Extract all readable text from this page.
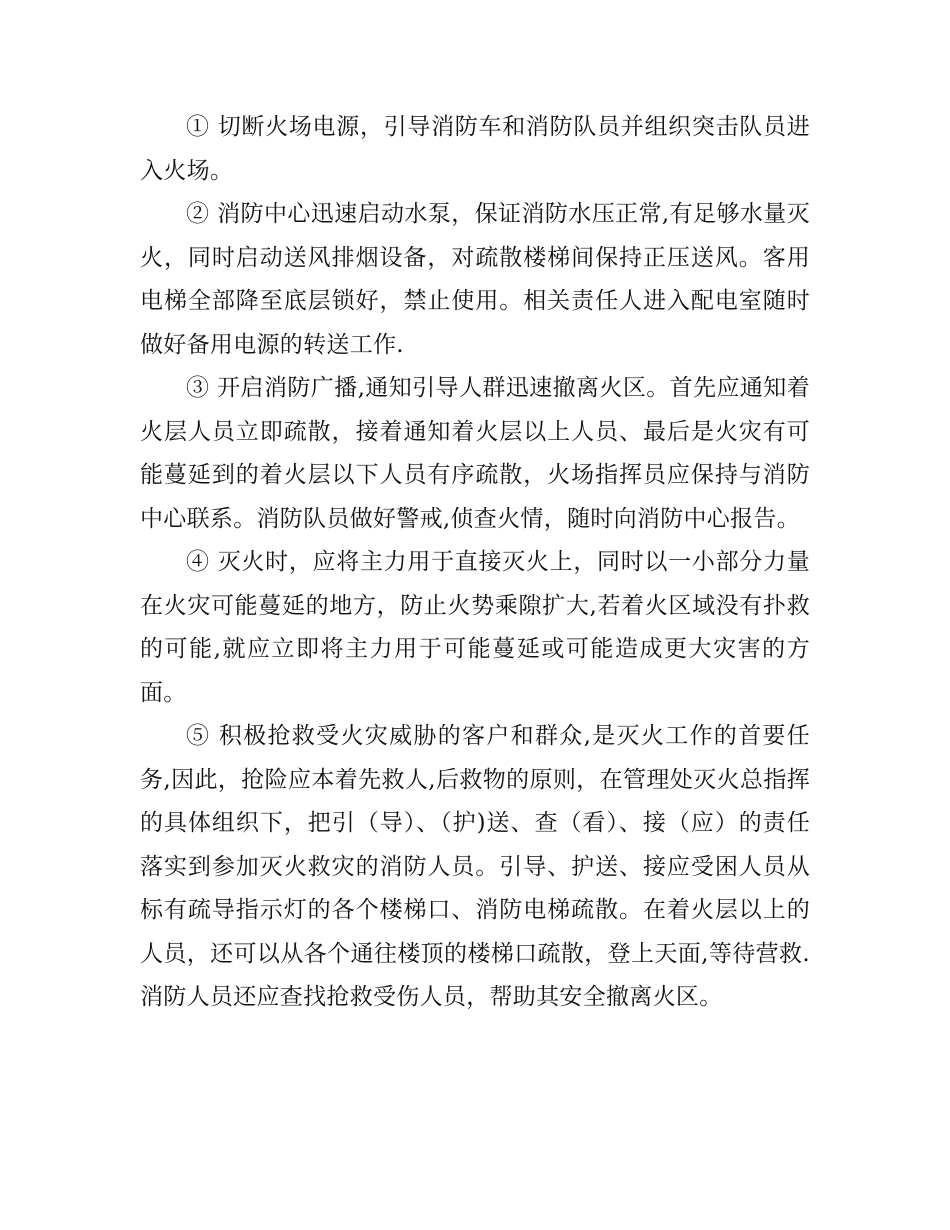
① 切断火场电源，引导消防车和消防队员并组织突击队员进入火场。

② 消防中心迅速启动水泵，保证消防水压正常,有足够水量灭火，同时启动送风排烟设备，对疏散楼梯间保持正压送风。客用电梯全部降至底层锁好，禁止使用。相关责任人进入配电室随时做好备用电源的转送工作.

③ 开启消防广播,通知引导人群迅速撤离火区。首先应通知着火层人员立即疏散，接着通知着火层以上人员、最后是火灾有可能蔓延到的着火层以下人员有序疏散，火场指挥员应保持与消防中心联系。消防队员做好警戒,侦查火情，随时向消防中心报告。

④ 灭火时，应将主力用于直接灭火上，同时以一小部分力量在火灾可能蔓延的地方，防止火势乘隙扩大,若着火区域没有扑救的可能,就应立即将主力用于可能蔓延或可能造成更大灾害的方面。

⑤ 积极抢救受火灾威胁的客户和群众,是灭火工作的首要任务,因此，抢险应本着先救人,后救物的原则，在管理处灭火总指挥的具体组织下，把引（导）、（护)送、查（看）、接（应）的责任落实到参加灭火救灾的消防人员。引导、护送、接应受困人员从标有疏导指示灯的各个楼梯口、消防电梯疏散。在着火层以上的人员，还可以从各个通往楼顶的楼梯口疏散，登上天面,等待营救.消防人员还应查找抢救受伤人员，帮助其安全撤离火区。
